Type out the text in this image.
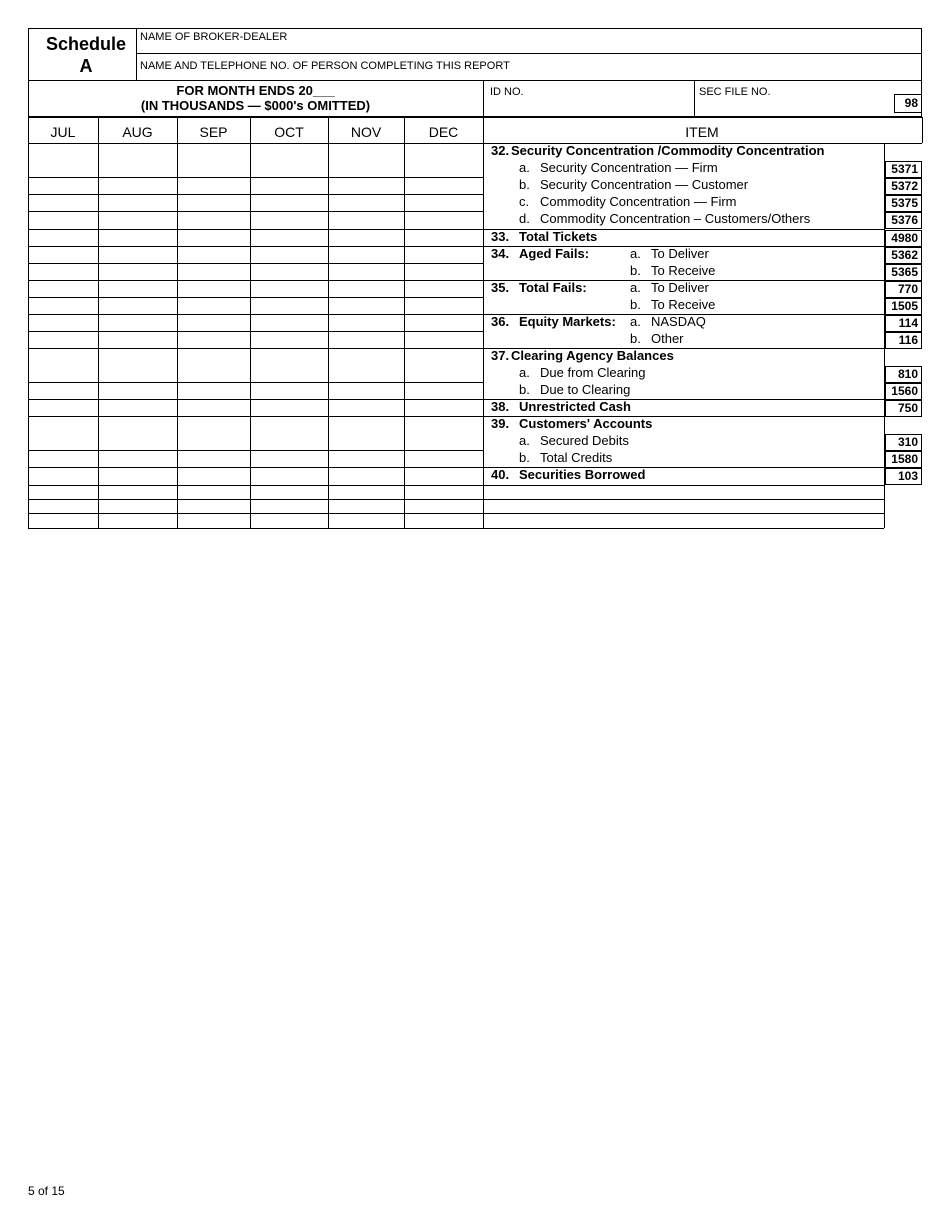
Schedule
A
NAME OF BROKER-DEALER
NAME AND TELEPHONE NO. OF PERSON COMPLETING THIS REPORT
FOR MONTH ENDS 20___
(IN THOUSANDS — $000's OMITTED)
ID NO.	SEC FILE NO.
98
JUL	AUG	SEP	OCT	NOV	DEC	ITEM
32. Security Concentration /Commodity Concentration
a. Security Concentration — Firm	5371
b. Security Concentration — Customer	5372
c. Commodity Concentration — Firm	5375
d. Commodity Concentration – Customers/Others	5376
33. Total Tickets	4980
34. Aged Fails:	a. To Deliver	5362
b. To Receive	5365
35. Total Fails:	a. To Deliver	770
b. To Receive	1505
36. Equity Markets: a. NASDAQ	114
b. Other	116
37. Clearing Agency Balances
a. Due from Clearing	810
b. Due to Clearing	1560
38. Unrestricted Cash	750
39. Customers' Accounts
a. Secured Debits	310
b. Total Credits	1580
40. Securities Borrowed	103
5 of 15
